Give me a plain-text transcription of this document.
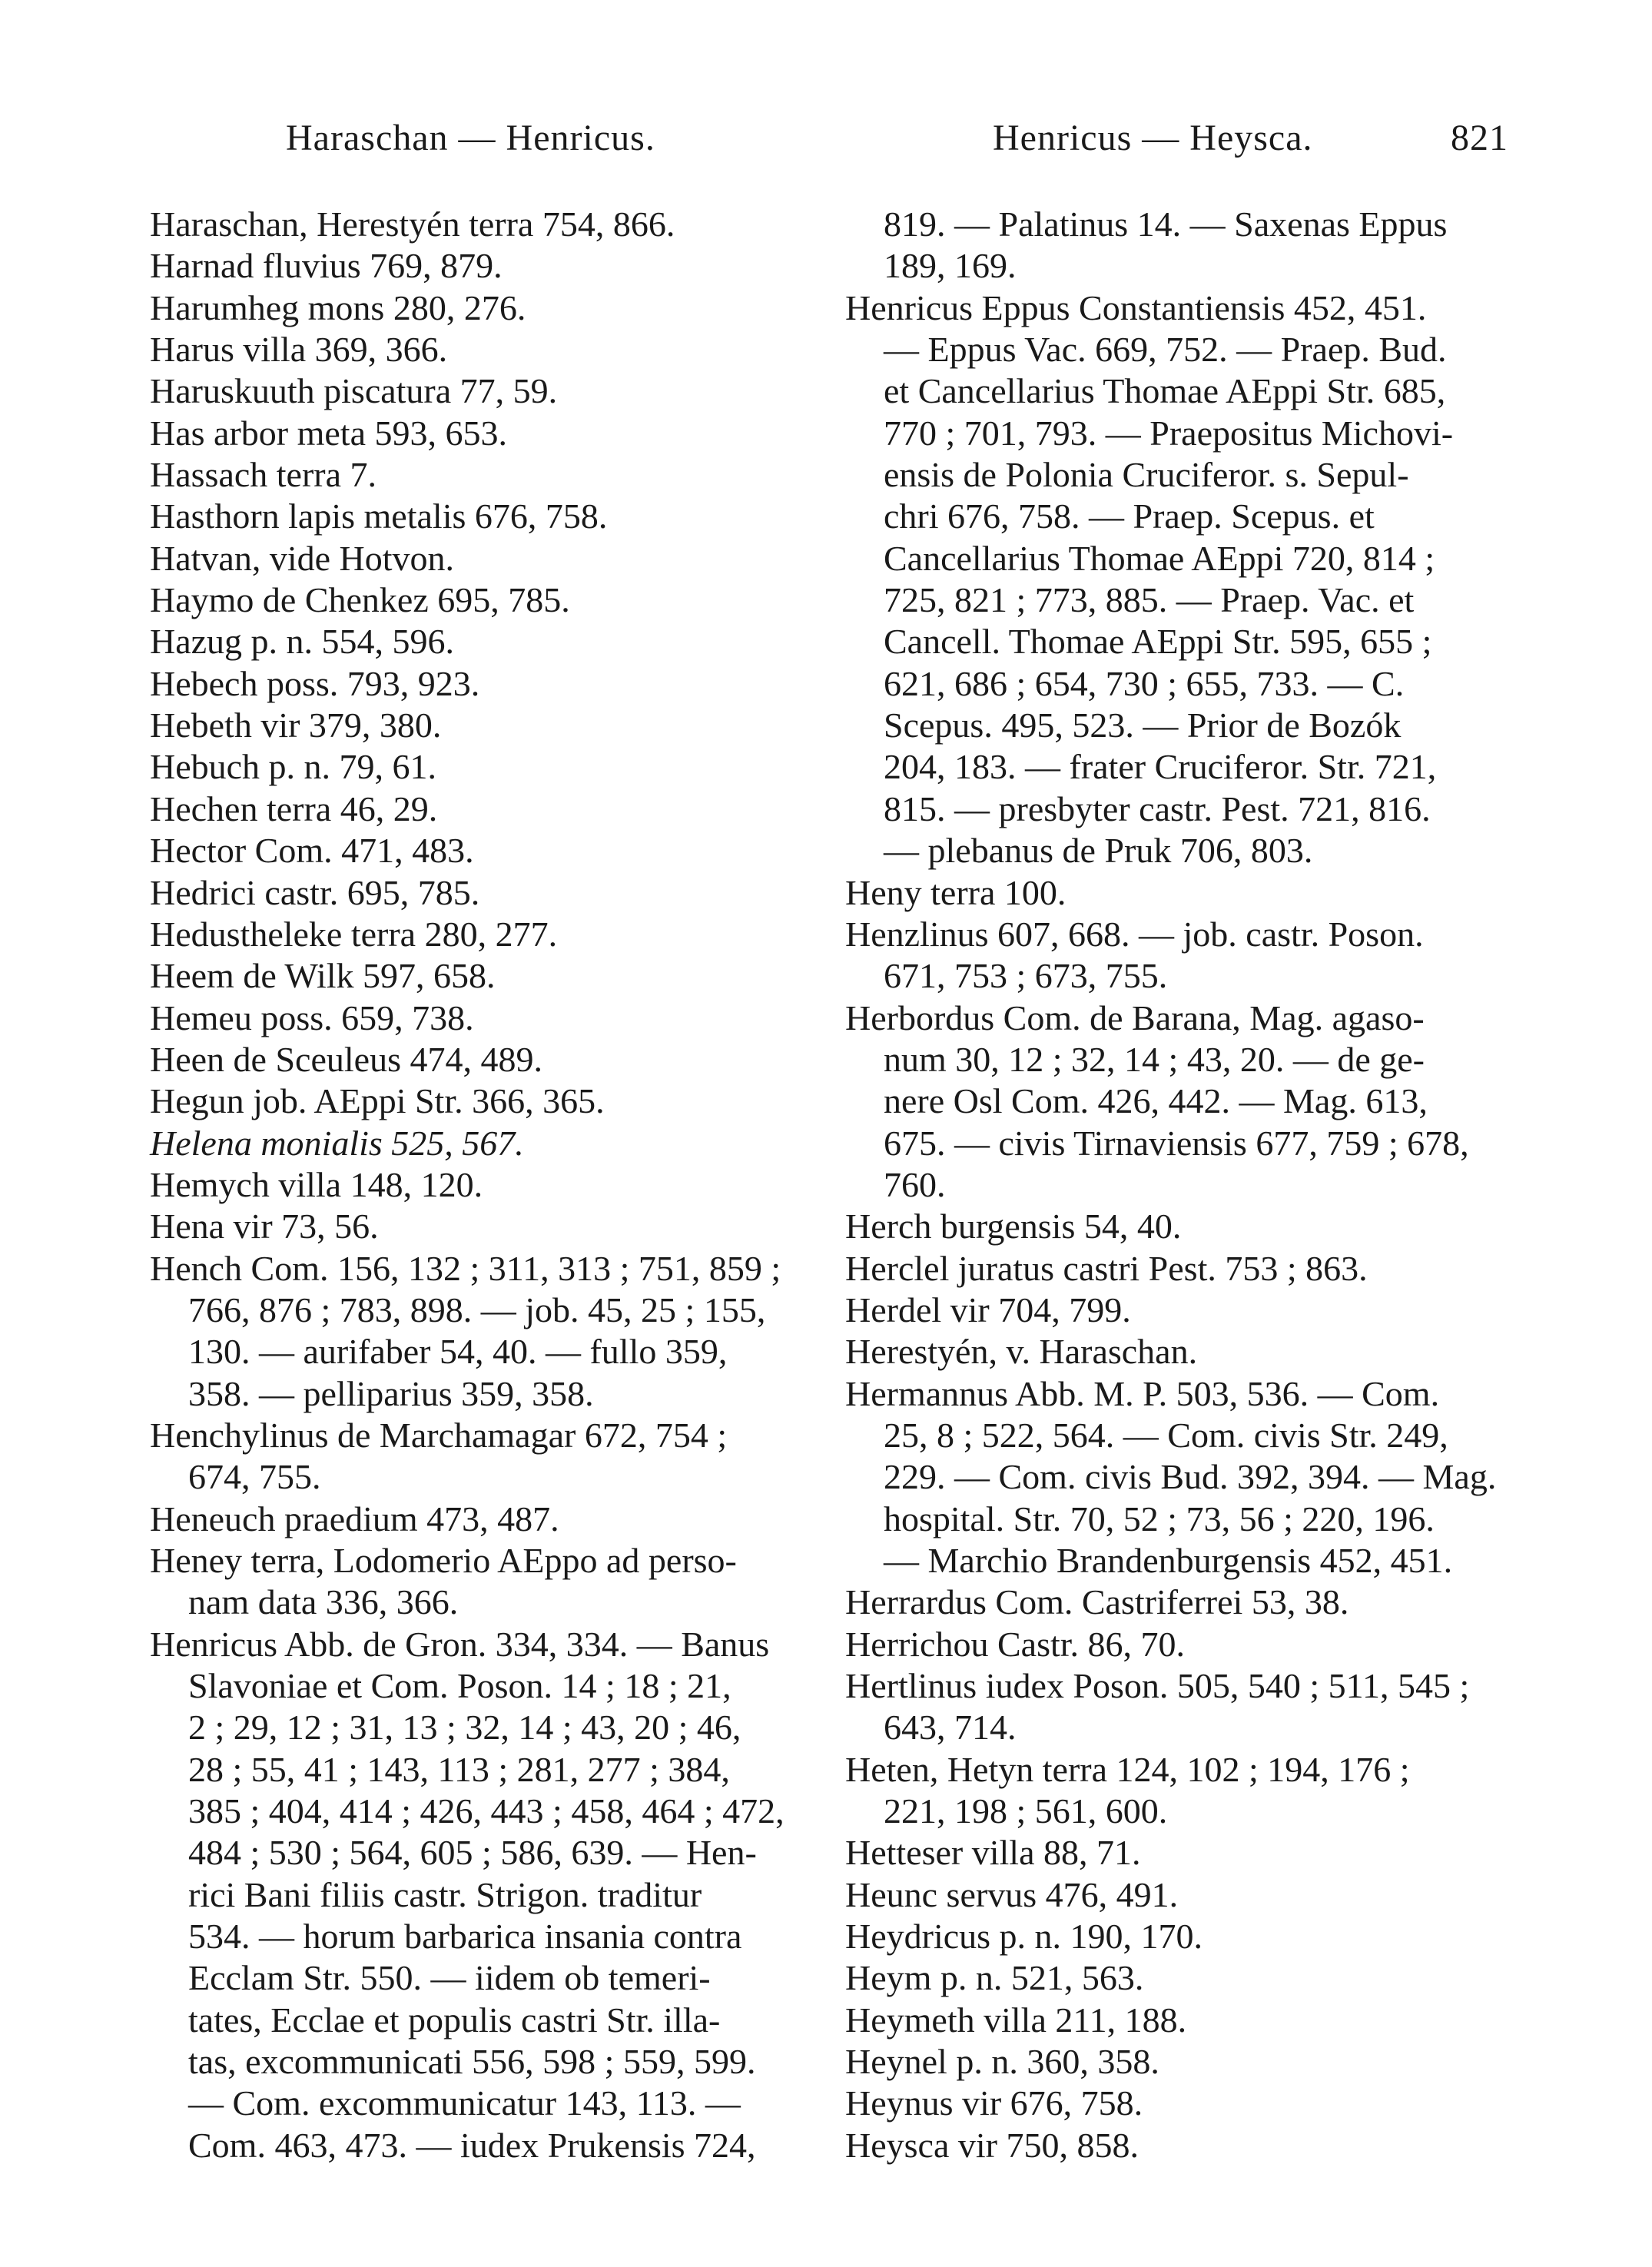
Haraschan — Henricus.	Henricus — Heysca.	821

Haraschan, Herestyén terra 754, 866.

Harnad fluvius 769, 879.

Harumheg mons 280, 276.

Harus villa 369, 366.

Haruskuuth piscatura 77, 59.

Has arbor meta 593, 653.

Hassach terra 7.

Hasthorn lapis metalis 676, 758.

Hatvan, vide Hotvon.

Haymo de Chenkez 695, 785.

Hazug p. n. 554, 596.

Hebech poss. 793, 923.

Hebeth vir 379, 380.

Hebuch p. n. 79, 61.

Hechen terra 46, 29.

Hector Com. 471, 483.

Hedrici castr. 695, 785.

Hedustheleke terra 280, 277.

Heem de Wilk 597, 658.

Hemeu poss. 659, 738.

Heen de Sceuleus 474, 489.

Hegun job. AEppi Str. 366, 365.

Helena monialis 525, 567.

Hemych villa 148, 120.

Hena vir 73, 56.

Hench Com. 156, 132 ; 311, 313 ; 751, 859 ;

766, 876 ; 783, 898. — job. 45, 25 ; 155,

130. — aurifaber 54, 40. — fullo 359,

358. — pelliparius 359, 358.

Henchylinus de Marchamagar 672, 754 ;

674, 755.

Heneuch praedium 473, 487.

Heney terra, Lodomerio AEppo ad perso-

nam data 336, 366.

Henricus Abb. de Gron. 334, 334. — Banus

Slavoniae et Com. Poson. 14 ; 18 ; 21,

2 ; 29, 12 ; 31, 13 ; 32, 14 ; 43, 20 ; 46,

28 ; 55, 41 ; 143, 113 ; 281, 277 ; 384,

385 ; 404, 414 ; 426, 443 ; 458, 464 ; 472,

484 ; 530 ; 564, 605 ; 586, 639. — Hen-

rici Bani filiis castr. Strigon. traditur

534. — horum barbarica insania contra

Ecclam Str. 550. — iidem ob temeri-

tates, Ecclae et populis castri Str. illa-

tas, excommunicati 556, 598 ; 559, 599.

— Com. excommunicatur 143, 113. —

Com. 463, 473. — iudex Prukensis 724,

819. — Palatinus 14. — Saxenas Eppus

189, 169.

Henricus Eppus Constantiensis 452, 451.

— Eppus Vac. 669, 752. — Praep. Bud.

et Cancellarius Thomae AEppi Str. 685,

770 ; 701, 793. — Praepositus Michovi-

ensis de Polonia Cruciferor. s. Sepul-

chri 676, 758. — Praep. Scepus. et

Cancellarius Thomae AEppi 720, 814 ;

725, 821 ; 773, 885. — Praep. Vac. et

Cancell. Thomae AEppi Str. 595, 655 ;

621, 686 ; 654, 730 ; 655, 733. — C.

Scepus. 495, 523. — Prior de Bozók

204, 183. — frater Cruciferor. Str. 721,

815. — presbyter castr. Pest. 721, 816.

— plebanus de Pruk 706, 803.

Heny terra 100.

Henzlinus 607, 668. — job. castr. Poson.

671, 753 ; 673, 755.

Herbordus Com. de Barana, Mag. agaso-

num 30, 12 ; 32, 14 ; 43, 20. — de ge-

nere Osl Com. 426, 442. — Mag. 613,

675. — civis Tirnaviensis 677, 759 ; 678,

760.

Herch burgensis 54, 40.

Herclel juratus castri Pest. 753 ; 863.

Herdel vir 704, 799.

Herestyén, v. Haraschan.

Hermannus Abb. M. P. 503, 536. — Com.

25, 8 ; 522, 564. — Com. civis Str. 249,

229. — Com. civis Bud. 392, 394. — Mag.

hospital. Str. 70, 52 ; 73, 56 ; 220, 196.

— Marchio Brandenburgensis 452, 451.

Herrardus Com. Castriferrei 53, 38.

Herrichou Castr. 86, 70.

Hertlinus iudex Poson. 505, 540 ; 511, 545 ;

643, 714.

Heten, Hetyn terra 124, 102 ; 194, 176 ;

221, 198 ; 561, 600.

Hetteser villa 88, 71.

Heunc servus 476, 491.

Heydricus p. n. 190, 170.

Heym p. n. 521, 563.

Heymeth villa 211, 188.

Heynel p. n. 360, 358.

Heynus vir 676, 758.

Heysca vir 750, 858.
